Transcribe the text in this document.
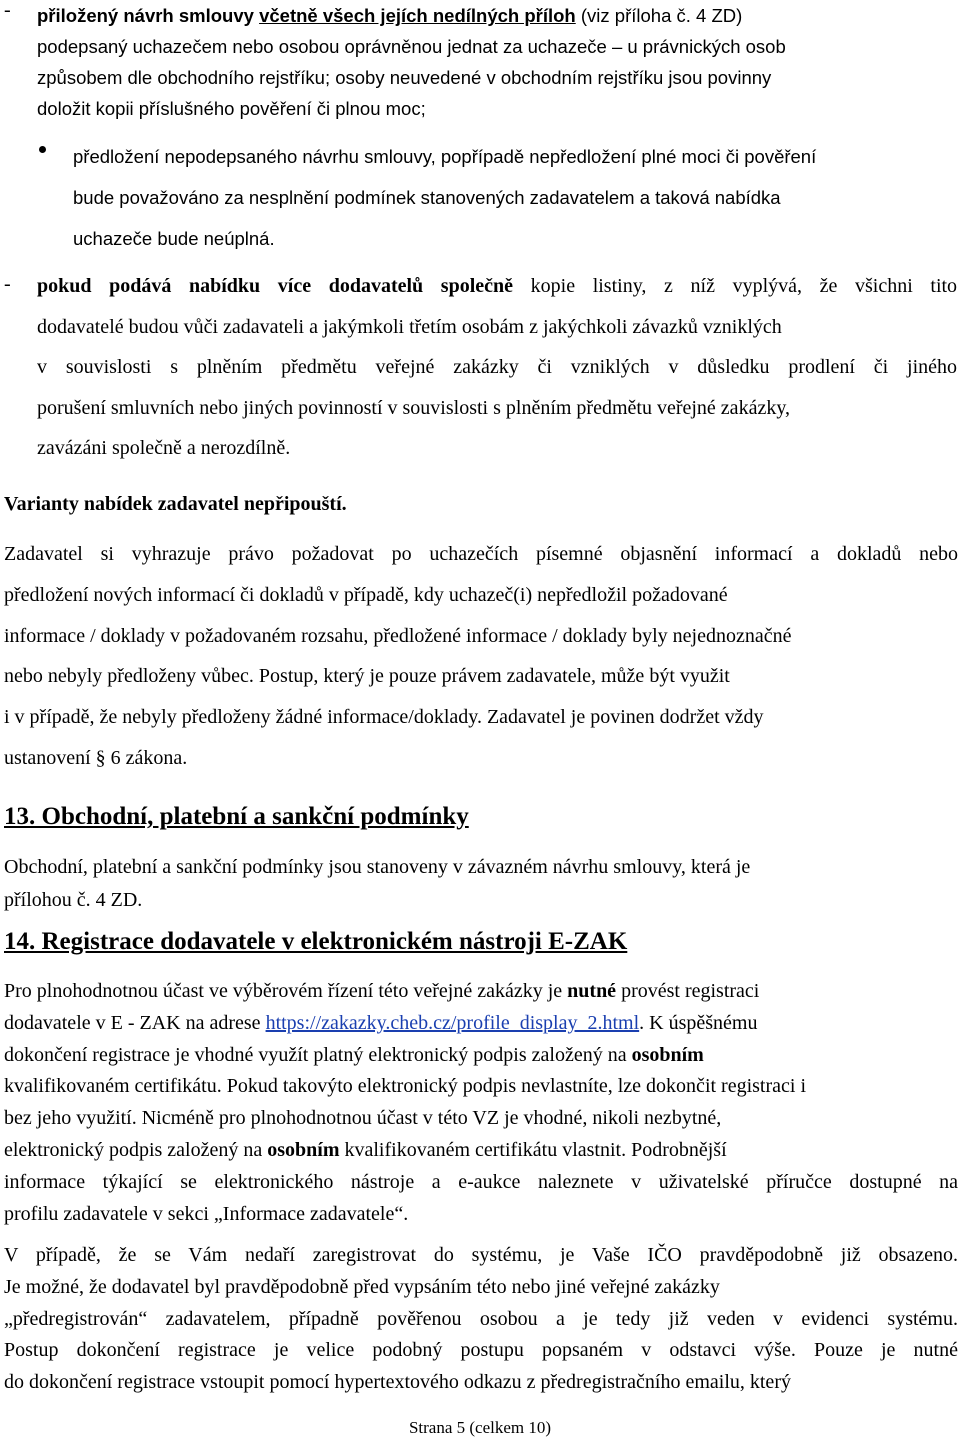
- přiložený návrh smlouvy včetně všech jejích nedílných příloh (viz příloha č. 4 ZD)
podepsaný uchazečem nebo osobou oprávněnou jednat za uchazeče – u právnických osob
způsobem dle obchodního rejstříku; osoby neuvedené v obchodním rejstříku jsou povinny
doložit kopii příslušného pověření či plnou moc;
předložení nepodepsaného návrhu smlouvy, popřípadě nepředložení plné moci či pověření
bude považováno za nesplnění podmínek stanovených zadavatelem a taková nabídka
uchazeče bude neúplná.
- pokud podává nabídku více dodavatelů společně kopie listiny, z níž vyplývá, že všichni tito
dodavatelé budou vůči zadavateli a jakýmkoli třetím osobám z jakýchkoli závazků vzniklých
v souvislosti s plněním předmětu veřejné zakázky či vzniklých v důsledku prodlení či jiného
porušení smluvních nebo jiných povinností v souvislosti s plněním předmětu veřejné zakázky,
zavázáni společně a nerozdílně.
Varianty nabídek zadavatel nepřipouští.
Zadavatel si vyhrazuje právo požadovat po uchazečích písemné objasnění informací a dokladů nebo
předložení nových informací či dokladů v případě, kdy uchazeč(i) nepředložil požadované
informace / doklady v požadovaném rozsahu, předložené informace / doklady byly nejednoznačné
nebo nebyly předloženy vůbec. Postup, který je pouze právem zadavatele, může být využit
i v případě, že nebyly předloženy žádné informace/doklady. Zadavatel je povinen dodržet vždy
ustanovení § 6 zákona.
13. Obchodní, platební a sankční podmínky
Obchodní, platební a sankční podmínky jsou stanoveny v závazném návrhu smlouvy, která je
přílohou č. 4 ZD.
14. Registrace dodavatele v elektronickém nástroji E-ZAK
Pro plnohodnotnou účast ve výběrovém řízení této veřejné zakázky je nutné provést registraci
dodavatele v E - ZAK na adrese https://zakazky.cheb.cz/profile_display_2.html. K úspěšnému
dokončení registrace je vhodné využít platný elektronický podpis založený na osobním
kvalifikovaném certifikátu. Pokud takovýto elektronický podpis nevlastníte, lze dokončit registraci i
bez jeho využití. Nicméně pro plnohodnotnou účast v této VZ je vhodné, nikoli nezbytné,
elektronický podpis založený na osobním kvalifikovaném certifikátu vlastnit. Podrobnější
informace týkající se elektronického nástroje a e-aukce naleznete v uživatelské příručce dostupné na
profilu zadavatele v sekci „Informace zadavatele“.
V případě, že se Vám nedaří zaregistrovat do systému, je Vaše IČO pravděpodobně již obsazeno.
Je možné, že dodavatel byl pravděpodobně před vypsáním této nebo jiné veřejné zakázky
„předregistrován“ zadavatelem, případně pověřenou osobou a je tedy již veden v evidenci systému.
Postup dokončení registrace je velice podobný postupu popsaném v odstavci výše. Pouze je nutné
do dokončení registrace vstoupit pomocí hypertextového odkazu z předregistračního emailu, který
Strana 5 (celkem 10)
